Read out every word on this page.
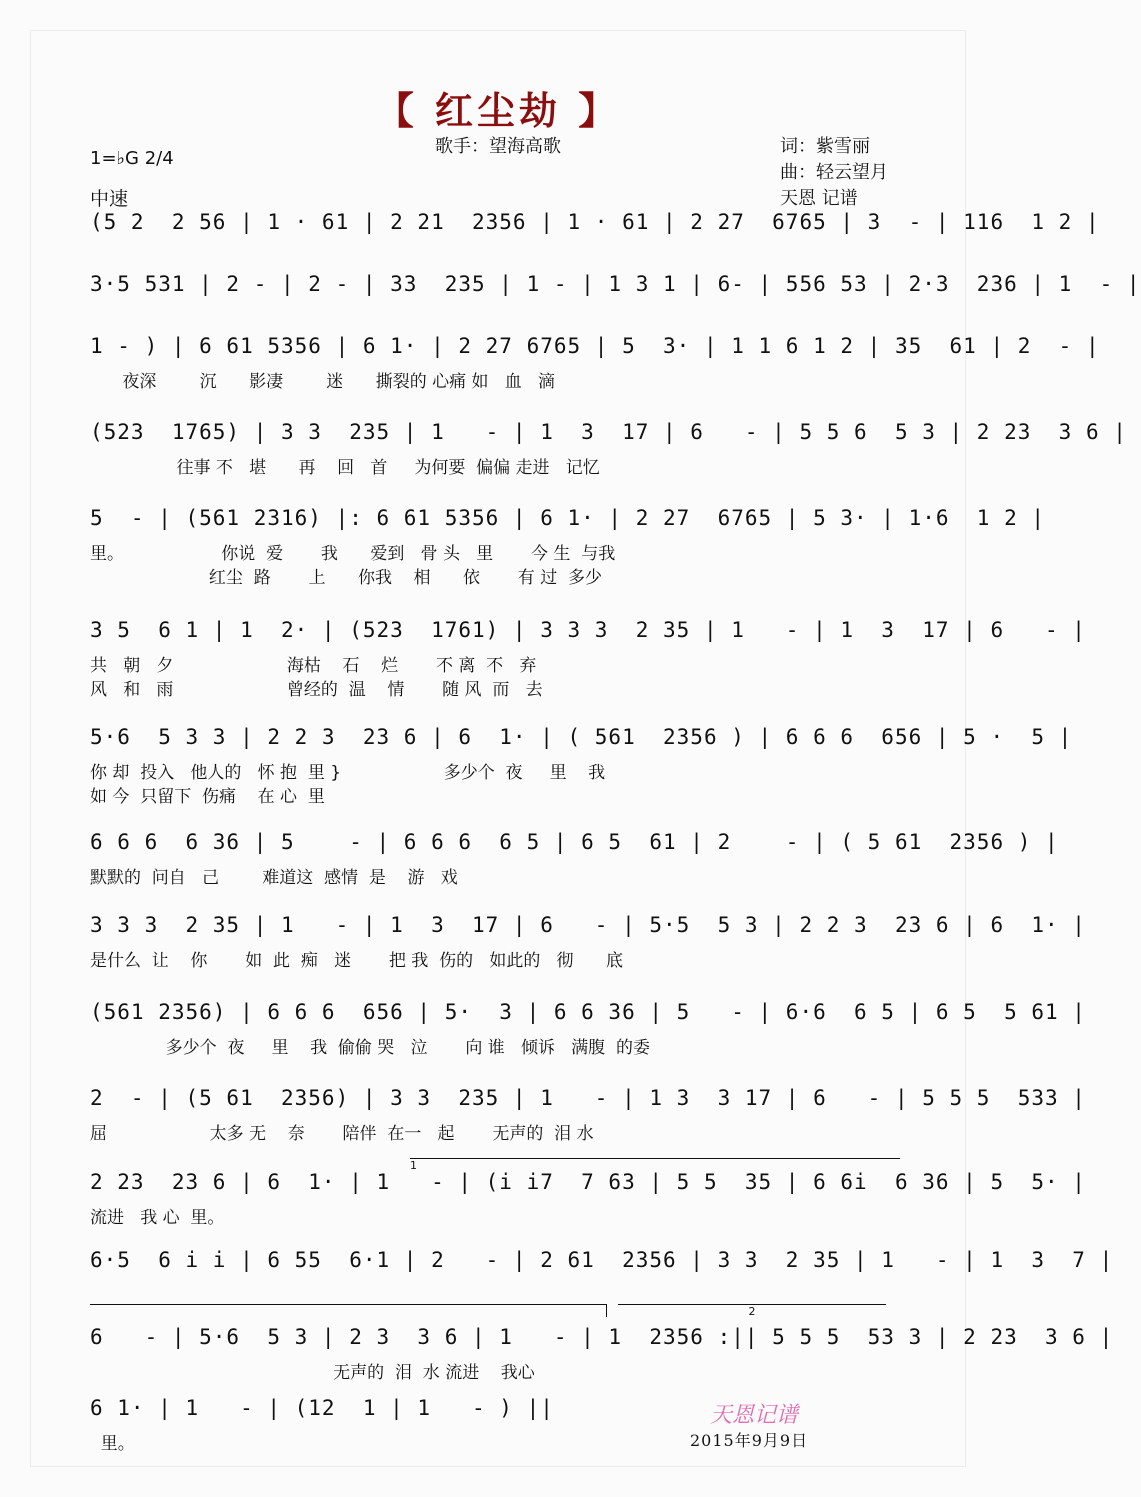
【 红尘劫 】
歌手：望海高歌	词：紫雪丽
曲：轻云望月
天恩 记谱
1=♭G 2/4
中速
(5 2  2 56 | 1 · 61 | 2 21  2356 | 1 · 61 | 2 27  6765 | 3  - | 116  1 2 |
3·5 531 | 2 - | 2 - | 33  235 | 1 - | 1 3 1 | 6- | 556 53 | 2·3  236 | 1  - |
1 - ) | 6 61 5356 | 6 1· | 2 27 6765 | 5  3· | 1 1 6 1 2 | 35  61 | 2  - |
夜深        沉      影凄        迷      撕裂的 心痛 如   血   滴
(523  1765) | 3 3  235 | 1   - | 1  3  17 | 6   - | 5 5 6  5 3 | 2 23  3 6 |
往事 不   堪      再    回   首     为何要  偏偏 走进   记忆
5  - | (561 2316) |: 6 61 5356 | 6 1· | 2 27  6765 | 5 3· | 1·6  1 2 |
里。                  你说  爱       我      爱到   骨 头   里       今 生  与我
红尘  路       上      你我    相      依       有 过  多少
3 5  6 1 | 1  2· | (523  1761) | 3 3 3  2 35 | 1   - | 1  3  17 | 6   - |
共   朝   夕                     海枯    石    烂       不 离  不   弃
风   和   雨                     曾经的  温    情       随 风  而   去
5·6  5 3 3 | 2 2 3  23 6 | 6  1· | ( 561  2356 ) | 6 6 6  656 | 5 ·  5 |
你 却  投入   他人的   怀 抱  里 }                   多少个  夜     里    我
如 今  只留下  伤痛    在 心  里
6 6 6  6 36 | 5    - | 6 6 6  6 5 | 6 5  61 | 2    - | ( 5 61  2356 ) |
默默的  问自   己        难道这  感情  是    游   戏
3 3 3  2 35 | 1   - | 1  3  17 | 6   - | 5·5  5 3 | 2 2 3  23 6 | 6  1· |
是什么  让    你       如  此  痴   迷       把 我  伤的   如此的   彻      底
(561 2356) | 6 6 6  656 | 5·  3 | 6 6 36 | 5   - | 6·6  6 5 | 6 5  5 61 |
多少个  夜     里    我  偷偷 哭   泣       向 谁   倾诉   满腹  的委
2  - | (5 61  2356) | 3 3  235 | 1   - | 1 3  3 17 | 6   - | 5 5 5  533 |
屈                   太多 无    奈       陪伴  在一   起       无声的  泪 水
1
2 23  23 6 | 6  1· | 1   - | (i i7  7 63 | 5 5  35 | 6 6i  6 36 | 5  5· |
流进   我 心  里。
6·5  6 i i | 6 55  6·1 | 2   - | 2 61  2356 | 3 3  2 35 | 1   - | 1  3  7 |
2
6   - | 5·6  5 3 | 2 3  3 6 | 1   - | 1  2356 :|| 5 5 5  53 3 | 2 23  3 6 |
无声的  泪  水 流进    我心
6 1· | 1   - | (12  1 | 1   - ) ||
里。
天恩记谱
2015年9月9日
